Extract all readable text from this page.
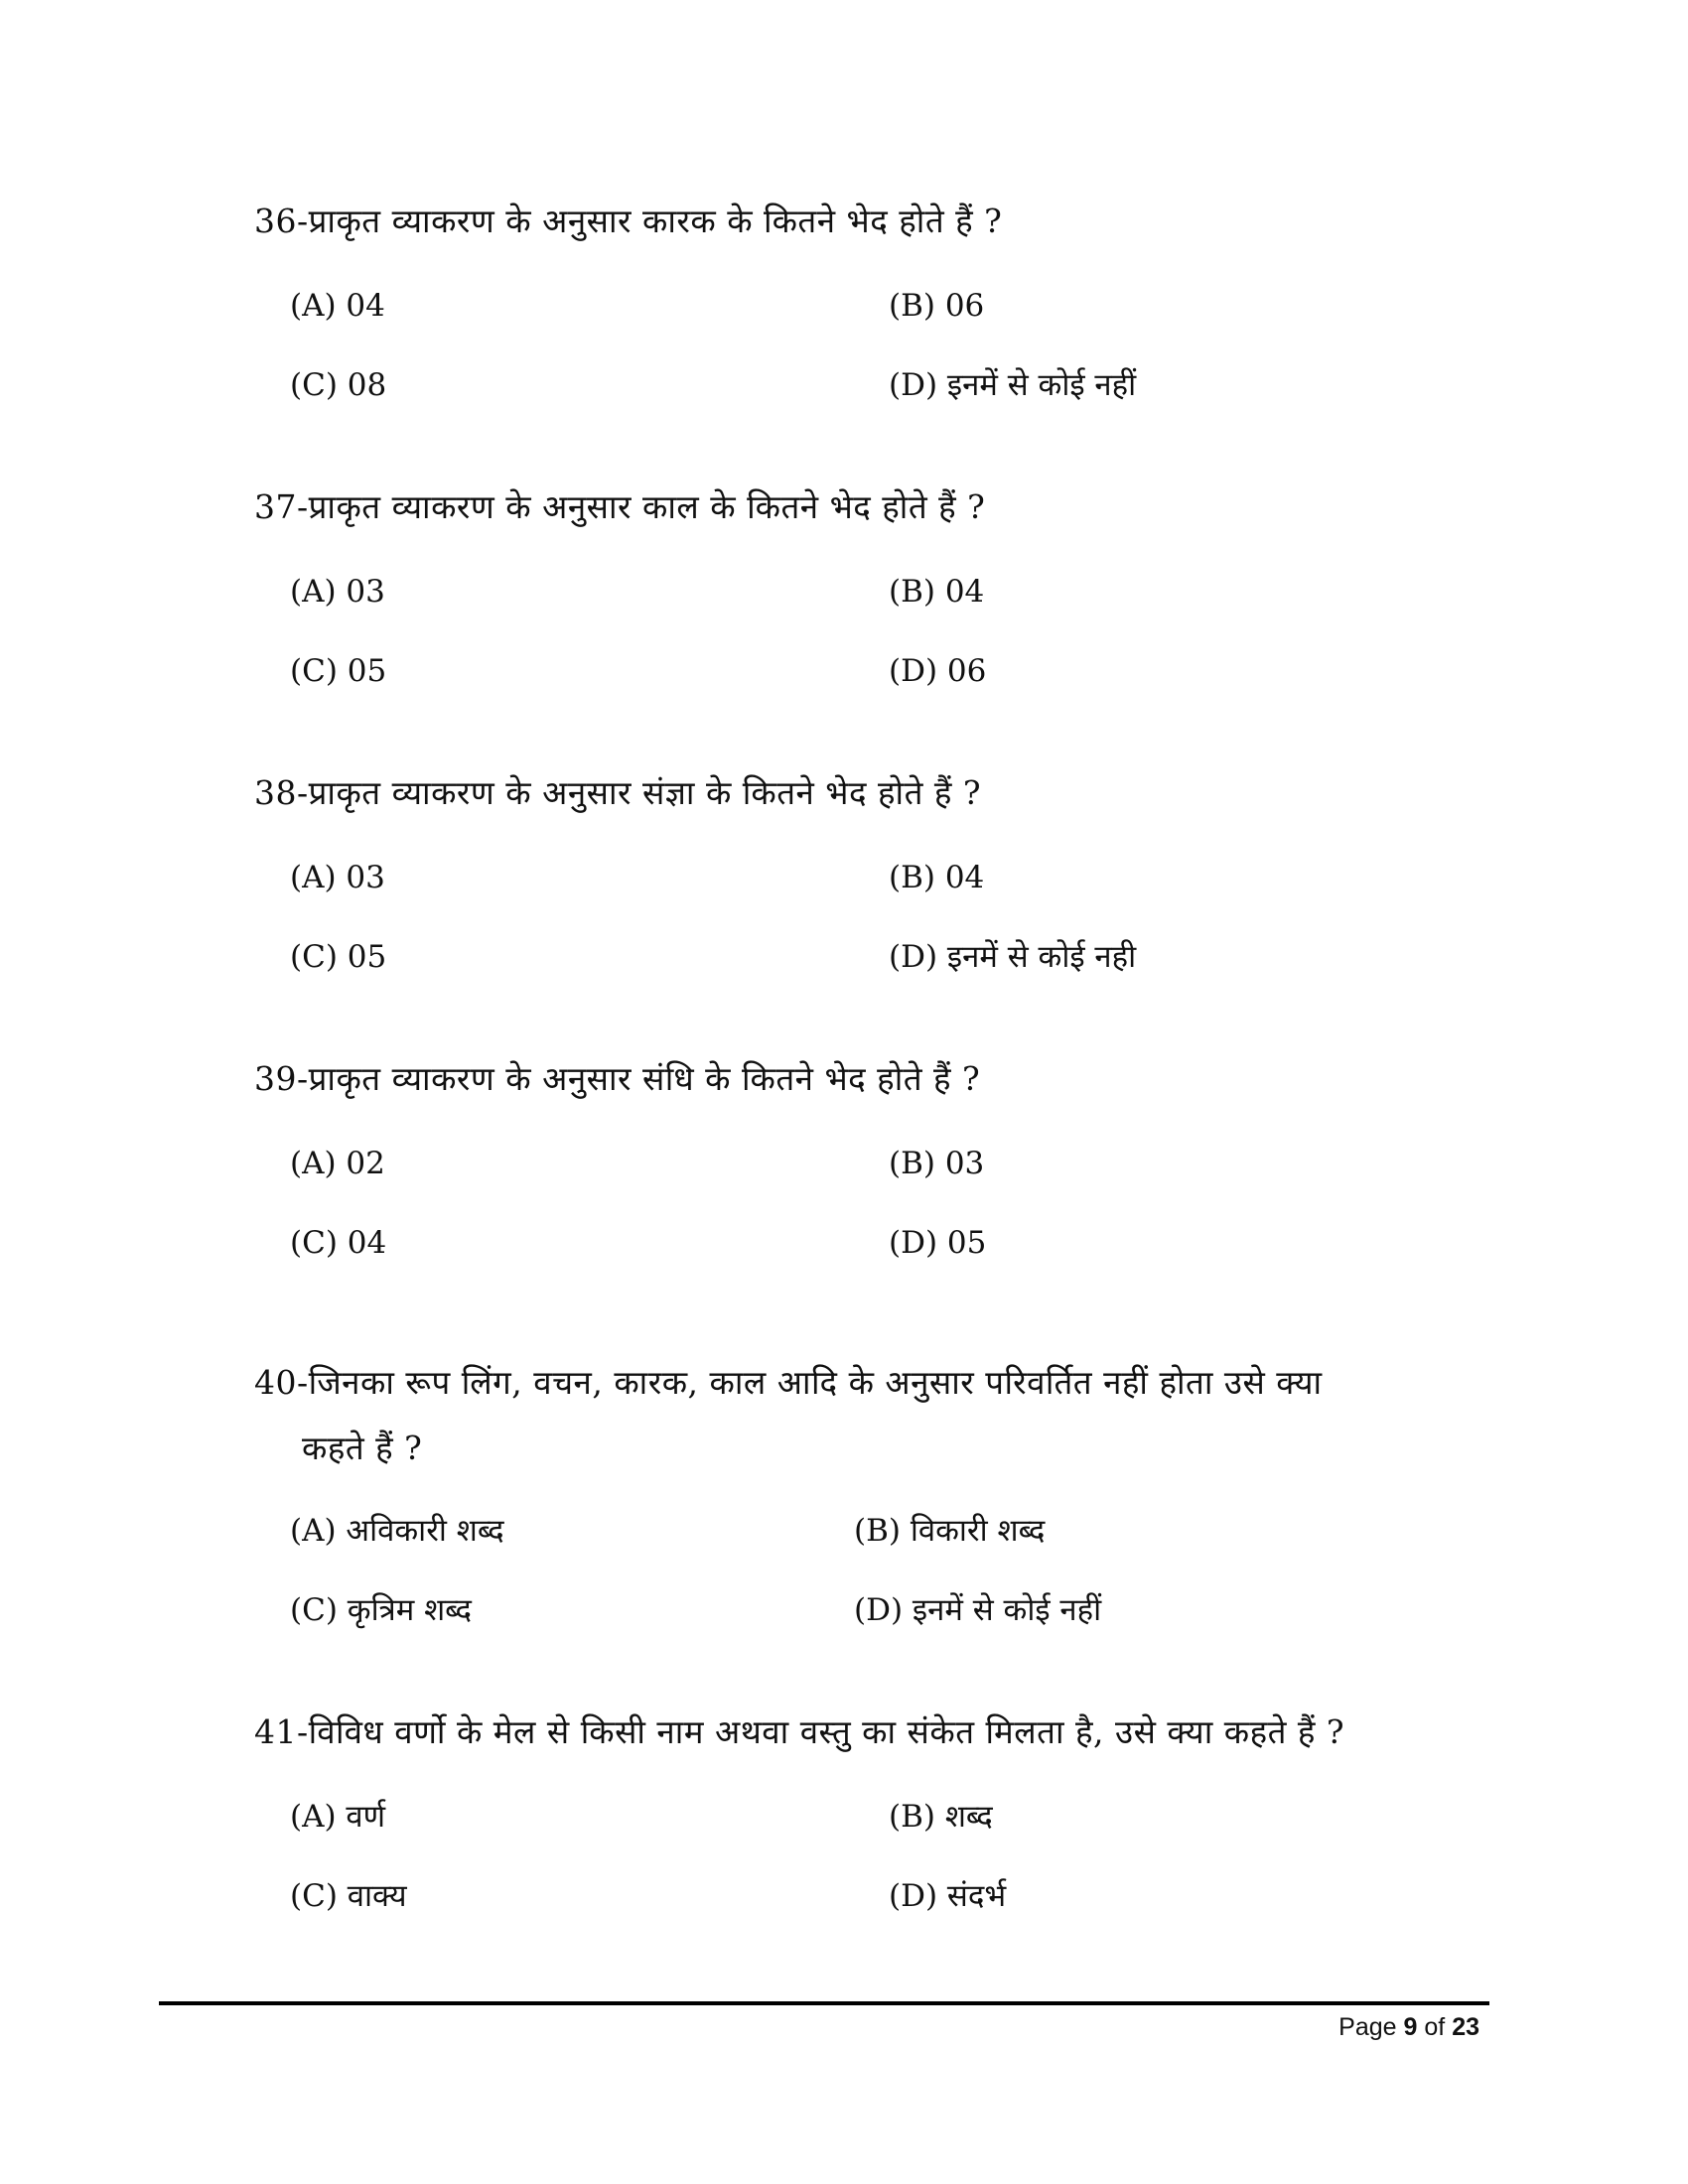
36-प्राकृत व्याकरण के अनुसार कारक के कितने भेद होते हैं ?
(A) 04	(B) 06
(C) 08	(D) इनमें से कोई नहीं
37-प्राकृत व्याकरण के अनुसार काल के कितने भेद होते हैं ?
(A) 03	(B) 04
(C) 05	(D) 06
38-प्राकृत व्याकरण के अनुसार संज्ञा के कितने भेद होते हैं ?
(A) 03	(B) 04
(C) 05	(D) इनमें से कोई नही
39-प्राकृत व्याकरण के अनुसार संधि के कितने भेद होते हैं ?
(A) 02	(B) 03
(C) 04	(D) 05
40-जिनका रूप लिंग, वचन, कारक, काल आदि के अनुसार परिवर्तित नहीं होता उसे क्या
कहते हैं ?
(A) अविकारी शब्द	(B) विकारी शब्द
(C) कृत्रिम शब्द	(D) इनमें से कोई नहीं
41-विविध वर्णो के मेल से किसी नाम अथवा वस्तु का संकेत मिलता है, उसे क्या कहते हैं ?
(A) वर्ण	(B) शब्द
(C) वाक्य	(D) संदर्भ
Page 9 of 23
